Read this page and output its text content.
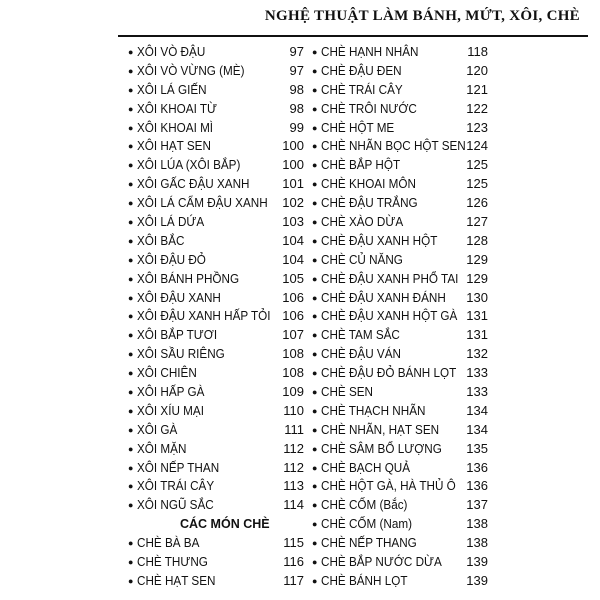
NGHỆ THUẬT LÀM BÁNH, MỨT, XÔI, CHÈ
● XÔI VÒ ĐẬU	97
● XÔI VÒ VỪNG (MÈ)	97
● XÔI LÁ GIẾN	98
● XÔI KHOAI TỪ	98
● XÔI KHOAI MÌ	99
● XÔI HẠT SEN	100
● XÔI LÚA (XÔI BẮP)	100
● XÔI GẤC ĐẬU XANH	101
● XÔI LÁ CẨM ĐẬU XANH 102
● XÔI LÁ DỨA	103
● XÔI BẮC	104
● XÔI ĐẬU ĐỎ	104
● XÔI BÁNH PHỒNG	105
● XÔI ĐẬU XANH	106
● XÔI ĐẬU XANH HẤP TỎI 106
● XÔI BẮP TƯƠI	107
● XÔI SẦU RIÊNG	108
● XÔI CHIÊN	108
● XÔI HẤP GÀ	109
● XÔI XÍU MẠI	110
● XÔI GÀ	111
● XÔI MẶN	112
● XÔI NẾP THAN	112
● XÔI TRÁI CÂY	113
● XÔI NGŨ SẮC	114
CÁC MÓN CHÈ
● CHÈ BÀ BA	115
● CHÈ THƯNG	116
● CHÈ HẠT SEN	117
● CHÈ HẠNH NHÂN	118
● CHÈ ĐẬU ĐEN	120
● CHÈ TRÁI CÂY	121
● CHÈ TRÔI NƯỚC	122
● CHÈ HỘT ME	123
● CHÈ NHÃN BỌC HỘT SEN 124
● CHÈ BẮP HỘT	125
● CHÈ KHOAI MÔN	125
● CHÈ ĐẬU TRẮNG	126
● CHÈ XÀO DỪA	127
● CHÈ ĐẬU XANH HỘT 128
● CHÈ CỦ NĂNG	129
● CHÈ ĐẬU XANH PHỔ TAI 129
● CHÈ ĐẬU XANH ĐÁNH 130
● CHÈ ĐẬU XANH HỘT GÀ 131
● CHÈ TAM SẮC	131
● CHÈ ĐẬU VÁN	132
● CHÈ ĐẬU ĐỎ BÁNH LỌT 133
● CHÈ SEN	133
● CHÈ THẠCH NHÃN	134
● CHÈ NHÃN, HẠT SEN 134
● CHÈ SÂM BỔ LƯỢNG 135
● CHÈ BẠCH QUẢ	136
● CHÈ HỘT GÀ, HÀ THỦ Ô 136
● CHÈ CỐM (Bắc)	137
● CHÈ CỐM (Nam)	138
● CHÈ NẾP THANG	138
● CHÈ BẮP NƯỚC DỪA 139
● CHÈ BÁNH LỌT	139
